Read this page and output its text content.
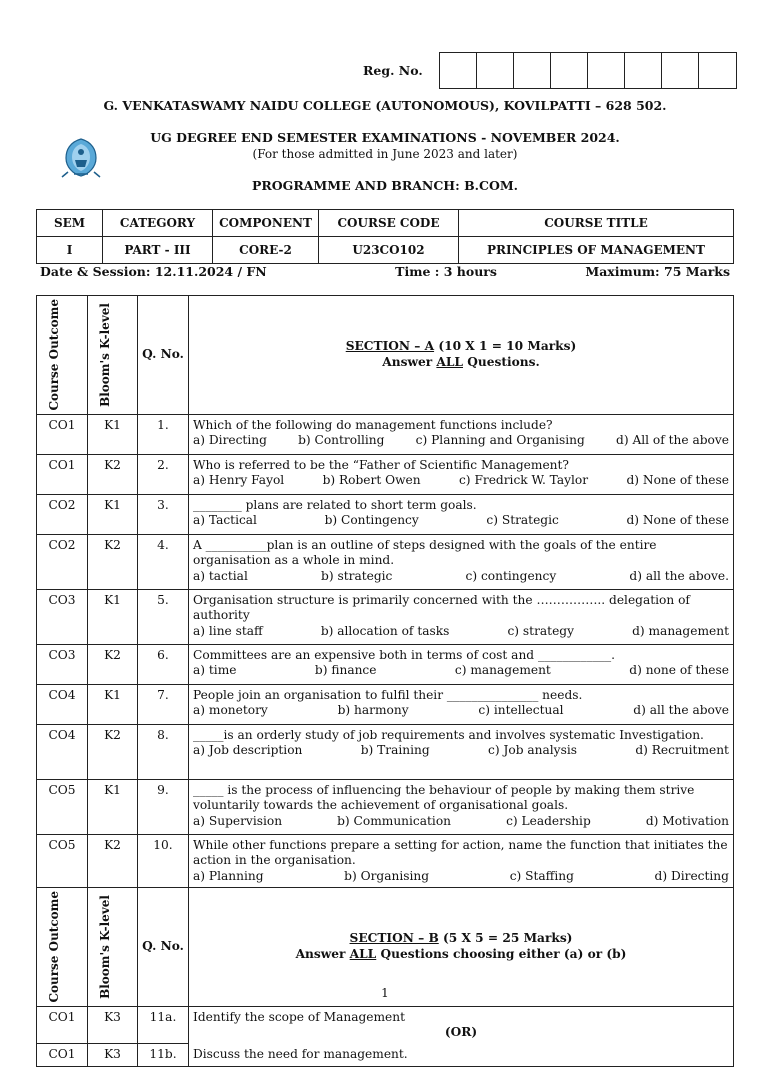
Reg. No.
G. VENKATASWAMY NAIDU COLLEGE (AUTONOMOUS), KOVILPATTI – 628 502.
UG DEGREE END SEMESTER EXAMINATIONS - NOVEMBER 2024.
(For those admitted in June 2023 and later)
PROGRAMME AND BRANCH: B.COM.
SEM	CATEGORY	COMPONENT	COURSE CODE	COURSE TITLE
I	PART - III	CORE-2	U23CO102	PRINCIPLES OF MANAGEMENT
Date & Session: 12.11.2024 / FN	Time : 3 hours	Maximum: 75 Marks
Course Outcome	Bloom's K-level	Q. No.	SECTION – A (10 X 1 = 10 Marks)
Answer ALL Questions.

CO1	K1	1.	Which of the following do management functions include?
a) Directing b) Controlling c) Planning and Organising d) All of the above

CO1	K2	2.	Who is referred to be the “Father of Scientific Management?
a) Henry Fayol b) Robert Owen c) Fredrick W. Taylor d) None of these

CO2	K1	3.	________ plans are related to short term goals.
a) Tactical b) Contingency c) Strategic d) None of these

CO2	K2	4.	A __________plan is an outline of steps designed with the goals of the entire organisation as a whole in mind.
a) tactial b) strategic c) contingency d) all the above.

CO3	K1	5.	Organisation structure is primarily concerned with the …………….. delegation of authority
a) line staff b) allocation of tasks c) strategy d) management

CO3	K2	6.	Committees are an expensive both in terms of cost and ____________.
a) time b) finance c) management d) none of these

CO4	K1	7.	People join an organisation to fulfil their _______________ needs.
a) monetory b) harmony c) intellectual d) all the above

CO4	K2	8.	_____is an orderly study of job requirements and involves systematic Investigation.
a) Job description b) Training c) Job analysis d) Recruitment

CO5	K1	9.	_____ is the process of influencing the behaviour of people by making them strive voluntarily towards the achievement of organisational goals.
a) Supervision b) Communication c) Leadership d) Motivation

CO5	K2	10.	While other functions prepare a setting for action, name the function that initiates the action in the organisation.
a) Planning b) Organising c) Staffing d) Directing

Course Outcome	Bloom's K-level	Q. No.	SECTION – B (5 X 5 = 25 Marks)
Answer ALL Questions choosing either (a) or (b)

CO1	K3	11a.	Identify the scope of Management
(OR)

CO1	K3	11b.	Discuss the need for management.
1
